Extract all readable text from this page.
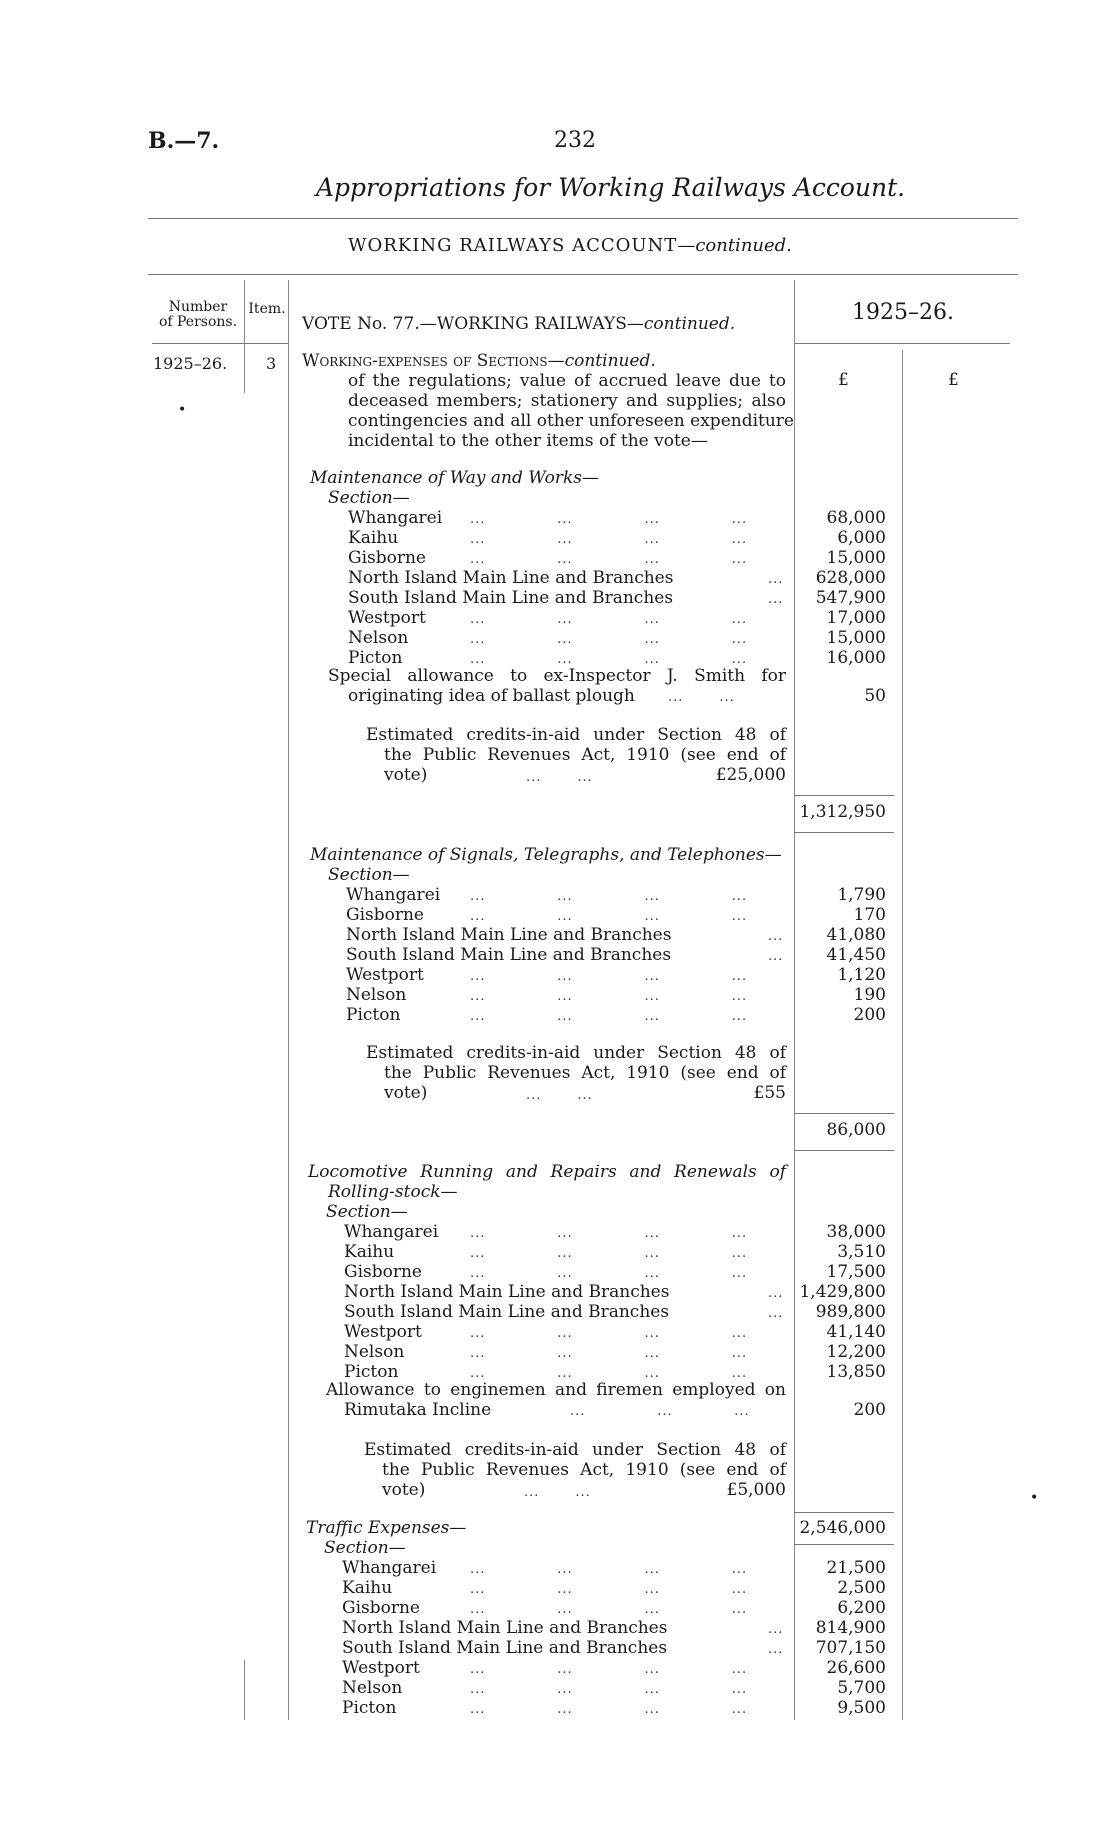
B.—7.	232
Appropriations for Working Railways Account.
WORKING RAILWAYS ACCOUNT—continued.
Number
of Persons.
Item.
VOTE No. 77.—WORKING RAILWAYS—continued.	1925–26.
1925–26. 3
•
•
Working-expenses of Sections—continued.
£	£
of the regulations; value of accrued leave due to
deceased members; stationery and supplies; also
contingencies and all other unforeseen expenditure
incidental to the other items of the vote—
Maintenance of Way and Works—
Section—
Whangarei ...              ...              ...              ...	68,000
Kaihu	...              ...              ...              ...	6,000
Gisborne	...              ...              ...              ...	15,000
North Island Main Line and Branches	...	628,000
South Island Main Line and Branches	...	547,900
Westport	...              ...              ...              ...	17,000
Nelson	...              ...              ...              ...	15,000
Picton	...              ...              ...              ...	16,000
Special allowance to ex-Inspector J. Smith for
originating idea of ballast plough	...       ...	50
Estimated credits-in-aid under Section 48 of
the Public Revenues Act, 1910 (see end of
vote)	...       ...	£25,000
1,312,950
Maintenance of Signals, Telegraphs, and Telephones—
Section—
Whangarei ...              ...              ...              ...	1,790
Gisborne	...              ...              ...              ...	170
North Island Main Line and Branches	...	41,080
South Island Main Line and Branches	...	41,450
Westport	...              ...              ...              ...	1,120
Nelson	...              ...              ...              ...	190
Picton	...              ...              ...              ...	200
Estimated credits-in-aid under Section 48 of
the Public Revenues Act, 1910 (see end of
vote)	...       ...	£55
86,000
Locomotive Running and Repairs and Renewals of
Rolling-stock—
Section—
Whangarei ...              ...              ...              ...	38,000
Kaihu	...              ...              ...              ...	3,510
Gisborne	...              ...              ...              ...	17,500
North Island Main Line and Branches	... 1,429,800
South Island Main Line and Branches	...	989,800
Westport	...              ...              ...              ...	41,140
Nelson	...              ...              ...              ...	12,200
Picton	...              ...              ...              ...	13,850
Allowance to enginemen and firemen employed on
Rimutaka Incline	...              ...            ...	200
Estimated credits-in-aid under Section 48 of
the Public Revenues Act, 1910 (see end of
vote)	...       ...	£5,000
2,546,000
Traffic Expenses—
Section—
Whangarei	...              ...              ...              ...	21,500
Kaihu	...              ...              ...              ...	2,500
Gisborne	...              ...              ...              ...	6,200
North Island Main Line and Branches	...	814,900
South Island Main Line and Branches	...	707,150
Westport	...              ...              ...              ...	26,600
Nelson	...              ...              ...              ...	5,700
Picton	...              ...              ...              ...	9,500
